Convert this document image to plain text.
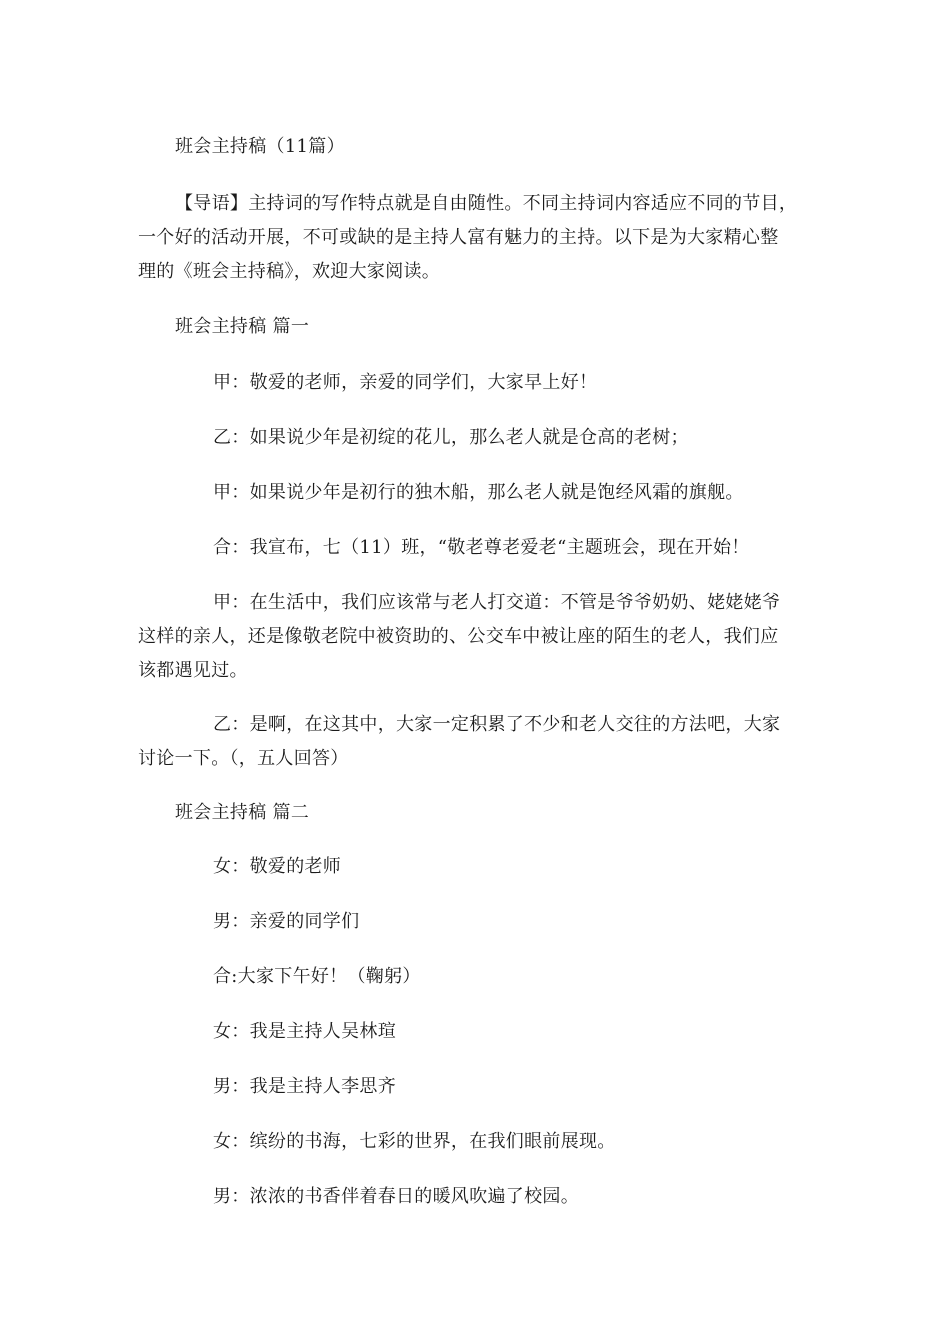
班会主持稿（11篇）
【导语】主持词的写作特点就是自由随性。不同主持词内容适应不同的节目，
一个好的活动开展，不可或缺的是主持人富有魅力的主持。以下是为大家精心整
理的《班会主持稿》，欢迎大家阅读。
班会主持稿 篇一
甲：敬爱的老师，亲爱的同学们，大家早上好！
乙：如果说少年是初绽的花儿，那么老人就是仓高的老树；
甲：如果说少年是初行的独木船，那么老人就是饱经风霜的旗舰。
合：我宣布，七（11）班，“敬老尊老爱老“主题班会，现在开始！
甲：在生活中，我们应该常与老人打交道：不管是爷爷奶奶、姥姥姥爷
这样的亲人，还是像敬老院中被资助的、公交车中被让座的陌生的老人，我们应
该都遇见过。
乙：是啊，在这其中，大家一定积累了不少和老人交往的方法吧，大家
讨论一下。（，五人回答）
班会主持稿 篇二
女：敬爱的老师
男：亲爱的同学们
合:大家下午好！（鞠躬）
女：我是主持人吴林瑄
男：我是主持人李思齐
女：缤纷的书海，七彩的世界，在我们眼前展现。
男：浓浓的书香伴着春日的暖风吹遍了校园。
